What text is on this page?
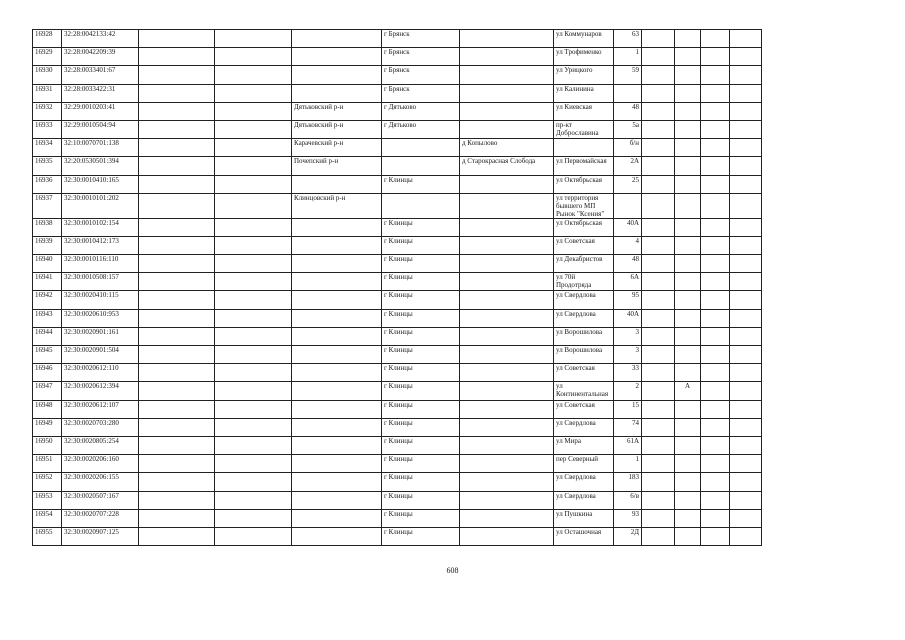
16928	32:28:0042133:42				г Брянск		ул Коммунаров	63				
16929	32:28:0042209:39				г Брянск		ул Трофименко	1				
16930	32:28:0033401:67				г Брянск		ул Урицкого	59				
16931	32:28:0033422:31				г Брянск		ул Калинина					
16932	32:29:0010203:41			Дятьковский р-н	г Дятьково		ул Киевская	48				
16933	32:29:0010504:94			Дятьковский р-н	г Дятьково		пр-кт Доброславина	5а				
16934	32:10:0070701:138			Карачевский р-н		д Копылово		б/н				
16935	32:20:0530501:394			Почепский р-н		д Старокрасная Слобода	ул Первомайская	2А				
16936	32:30:0010410:165				г Клинцы		ул Октябрьская	25				
16937	32:30:0010101:202			Клинцовский р-н			ул территория бывшего МП Рынок "Ксения"					
16938	32:30:0010102:154				г Клинцы		ул Октябрьская	40А				
16939	32:30:0010412:173				г Клинцы		ул Советская	4				
16940	32:30:0010116:110				г Клинцы		ул Декабристов	48				
16941	32:30:0010508:157				г Клинцы		ул 70й Продотряда	6А				
16942	32:30:0020410:115				г Клинцы		ул Свердлова	95				
16943	32:30:0020610:953				г Клинцы		ул Свердлова	40А				
16944	32:30:0020901:161				г Клинцы		ул Ворошилова	3				
16945	32:30:0020901:504				г Клинцы		ул Ворошилова	3				
16946	32:30:0020612:110				г Клинцы		ул Советская	33				
16947	32:30:0020612:394				г Клинцы		ул Континентальная	2		А		
16948	32:30:0020612:107				г Клинцы		ул Советская	15				
16949	32:30:0020703:280				г Клинцы		ул Свердлова	74				
16950	32:30:0020805:254				г Клинцы		ул Мира	61А				
16951	32:30:0020206:160				г Клинцы		пер Северный	1				
16952	32:30:0020206:155				г Клинцы		ул Свердлова	183				
16953	32:30:0020507:167				г Клинцы		ул Свердлова	6/в				
16954	32:30:0020707:228				г Клинцы		ул Пушкина	93				
16955	32:30:0020907:125				г Клинцы		ул Осташочная	2Д				
608
